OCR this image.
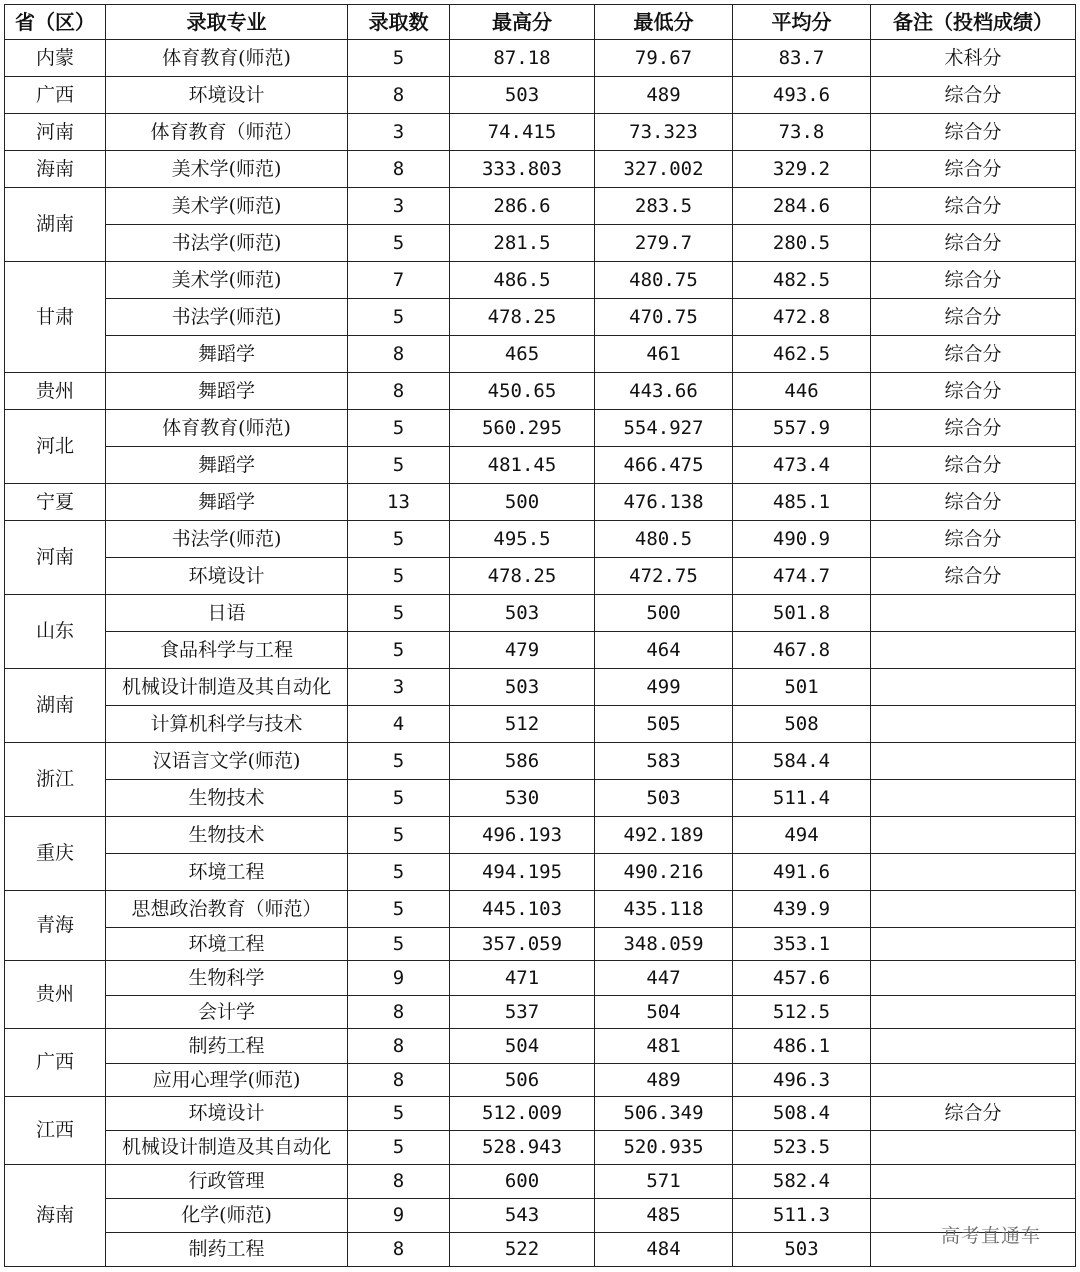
省（区）	录取专业	录取数	最高分	最低分	平均分	备注（投档成绩）
内蒙	体育教育(师范)	5	87.18	79.67	83.7	术科分
广西	环境设计	8	503	489	493.6	综合分
河南	体育教育（师范）	3	74.415	73.323	73.8	综合分
海南	美术学(师范)	8	333.803	327.002	329.2	综合分
湖南	美术学(师范)	3	286.6	283.5	284.6	综合分
	书法学(师范)	5	281.5	279.7	280.5	综合分
甘肃	美术学(师范)	7	486.5	480.75	482.5	综合分
	书法学(师范)	5	478.25	470.75	472.8	综合分
	舞蹈学	8	465	461	462.5	综合分
贵州	舞蹈学	8	450.65	443.66	446	综合分
河北	体育教育(师范)	5	560.295	554.927	557.9	综合分
	舞蹈学	5	481.45	466.475	473.4	综合分
宁夏	舞蹈学	13	500	476.138	485.1	综合分
河南	书法学(师范)	5	495.5	480.5	490.9	综合分
	环境设计	5	478.25	472.75	474.7	综合分
山东	日语	5	503	500	501.8	
	食品科学与工程	5	479	464	467.8	
湖南	机械设计制造及其自动化	3	503	499	501	
	计算机科学与技术	4	512	505	508	
浙江	汉语言文学(师范)	5	586	583	584.4	
	生物技术	5	530	503	511.4	
重庆	生物技术	5	496.193	492.189	494	
	环境工程	5	494.195	490.216	491.6	
青海	思想政治教育（师范）	5	445.103	435.118	439.9	
	环境工程	5	357.059	348.059	353.1	
贵州	生物科学	9	471	447	457.6	
	会计学	8	537	504	512.5	
广西	制药工程	8	504	481	486.1	
	应用心理学(师范)	8	506	489	496.3	
江西	环境设计	5	512.009	506.349	508.4	综合分
	机械设计制造及其自动化	5	528.943	520.935	523.5	
海南	行政管理	8	600	571	582.4	
	化学(师范)	9	543	485	511.3	
	制药工程	8	522	484	503	
高考直通车
